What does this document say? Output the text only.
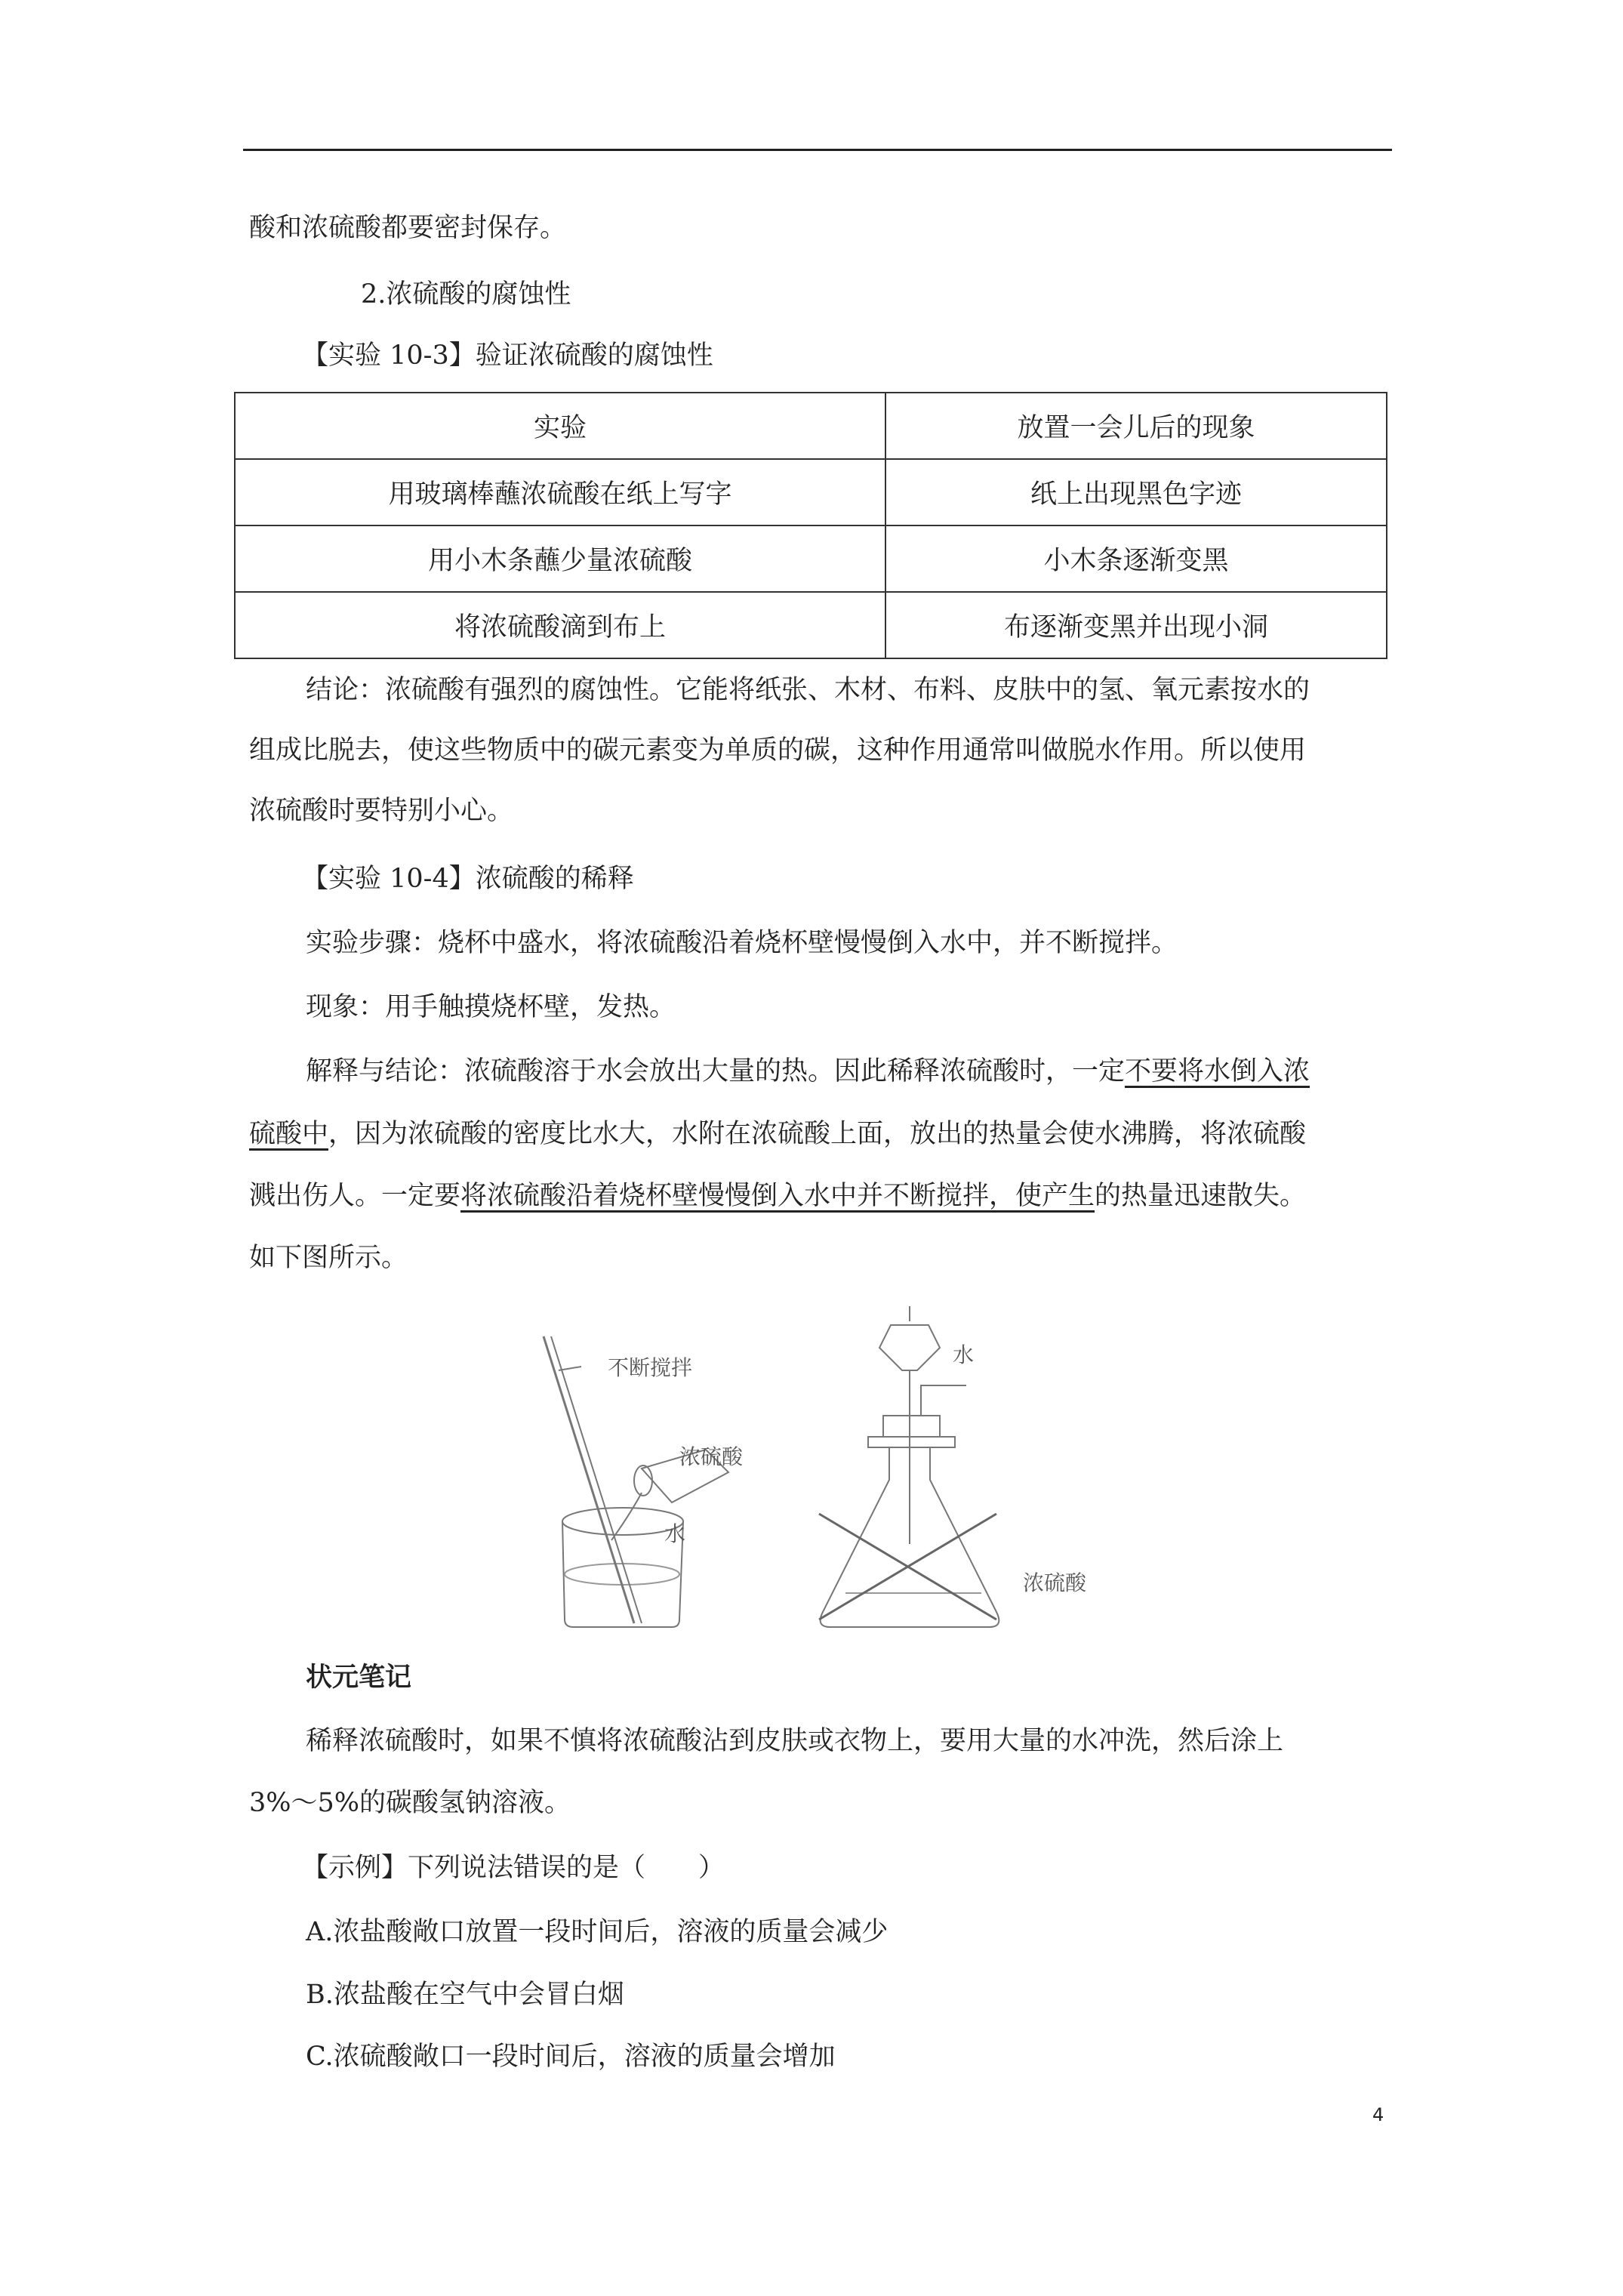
酸和浓硫酸都要密封保存。
2.浓硫酸的腐蚀性
【实验 10-3】验证浓硫酸的腐蚀性
实验	放置一会儿后的现象
用玻璃棒蘸浓硫酸在纸上写字	纸上出现黑色字迹
用小木条蘸少量浓硫酸	小木条逐渐变黑
将浓硫酸滴到布上	布逐渐变黑并出现小洞
结论：浓硫酸有强烈的腐蚀性。它能将纸张、木材、布料、皮肤中的氢、氧元素按水的
组成比脱去，使这些物质中的碳元素变为单质的碳，这种作用通常叫做脱水作用。所以使用
浓硫酸时要特别小心。
【实验 10-4】浓硫酸的稀释
实验步骤：烧杯中盛水，将浓硫酸沿着烧杯壁慢慢倒入水中，并不断搅拌。
现象：用手触摸烧杯壁，发热。
解释与结论：浓硫酸溶于水会放出大量的热。因此稀释浓硫酸时，一定不要将水倒入浓
硫酸中，因为浓硫酸的密度比水大，水附在浓硫酸上面，放出的热量会使水沸腾，将浓硫酸
溅出伤人。一定要将浓硫酸沿着烧杯壁慢慢倒入水中并不断搅拌，使产生的热量迅速散失。
如下图所示。
不断搅拌
浓硫酸
水
水
浓硫酸
状元笔记
稀释浓硫酸时，如果不慎将浓硫酸沾到皮肤或衣物上，要用大量的水冲洗，然后涂上
3%～5%的碳酸氢钠溶液。
【示例】下列说法错误的是（　　）
A.浓盐酸敞口放置一段时间后，溶液的质量会减少
B.浓盐酸在空气中会冒白烟
C.浓硫酸敞口一段时间后，溶液的质量会增加
4
